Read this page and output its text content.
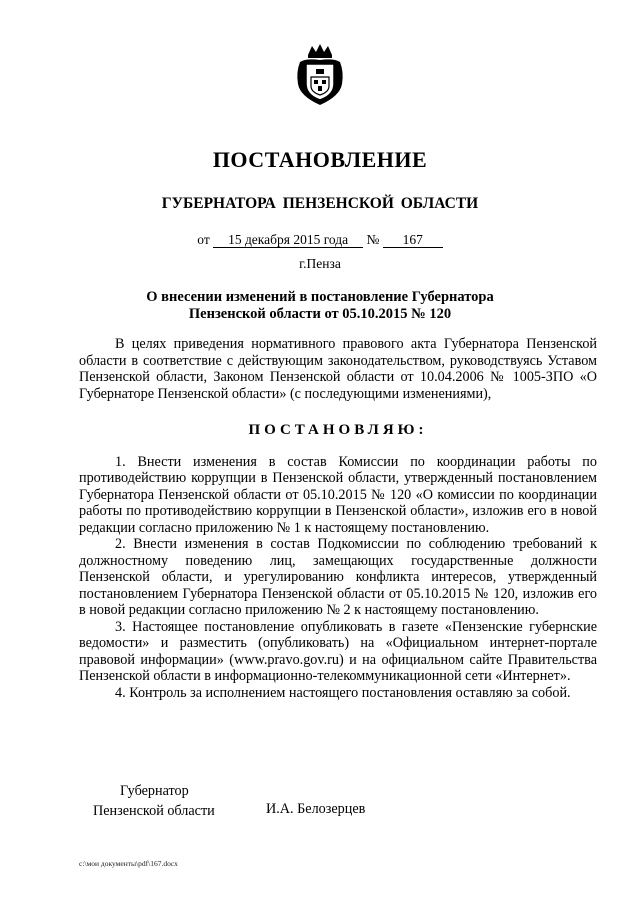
ПОСТАНОВЛЕНИЕ
ГУБЕРНАТОРА ПЕНЗЕНСКОЙ ОБЛАСТИ
от 15 декабря 2015 года № 167
г.Пенза
О внесении изменений в постановление Губернатора
Пензенской области от 05.10.2015 № 120

В целях приведения нормативного правового акта Губернатора Пензенской области в соответствие с действующим законодательством, руководствуясь Уставом Пензенской области, Законом Пензенской области от 10.04.2006 № 1005-ЗПО «О Губернаторе Пензенской области» (с последующими изменениями),

ПОСТАНОВЛЯЮ:

1. Внести изменения в состав Комиссии по координации работы по противодействию коррупции в Пензенской области, утвержденный постановлением Губернатора Пензенской области от 05.10.2015 № 120 «О комиссии по координации работы по противодействию коррупции в Пензенской области», изложив его в новой редакции согласно приложению № 1 к настоящему постановлению.

2. Внести изменения в состав Подкомиссии по соблюдению требований к должностному поведению лиц, замещающих государственные должности Пензенской области, и урегулированию конфликта интересов, утвержденный постановлением Губернатора Пензенской области от 05.10.2015 № 120, изложив его в новой редакции согласно приложению № 2 к настоящему постановлению.

3. Настоящее постановление опубликовать в газете «Пензенские губернские ведомости» и разместить (опубликовать) на «Официальном интернет-портале правовой информации» (www.pravo.gov.ru) и на официальном сайте Правительства Пензенской области в информационно-телекоммуникационной сети «Интернет».

4. Контроль за исполнением настоящего постановления оставляю за собой.

Губернатор
Пензенской области	И.А. Белозерцев
c:\мои документы\pdf\167.docx
